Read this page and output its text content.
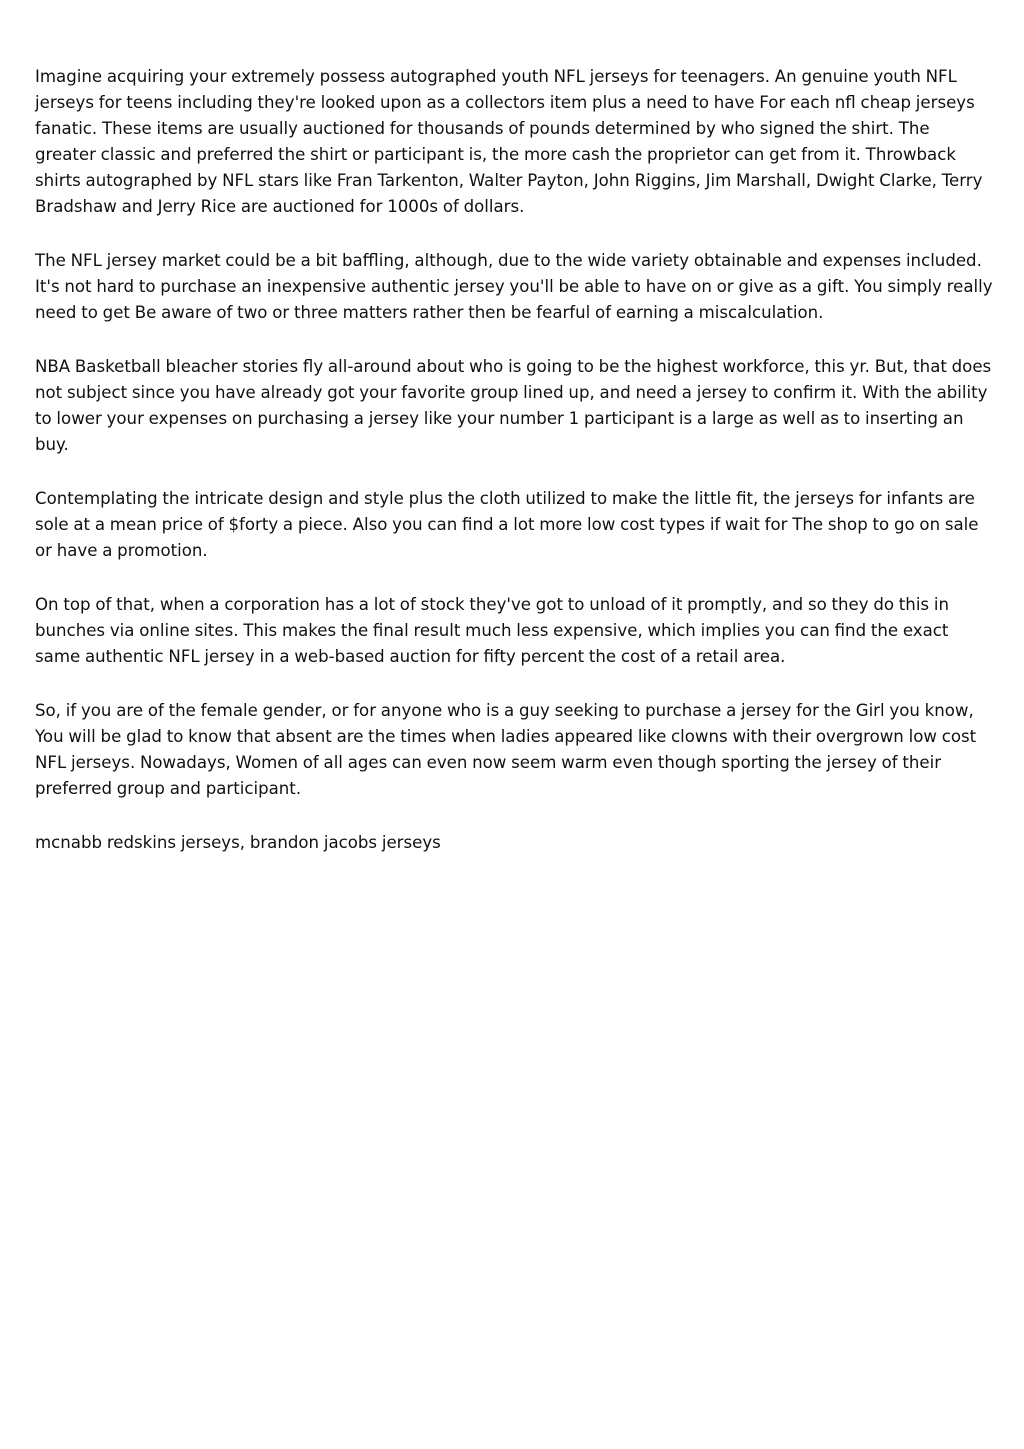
Imagine acquiring your extremely possess autographed youth NFL jerseys for teenagers. An genuine youth NFL jerseys for teens including they're looked upon as a collectors item plus a need to have For each nfl cheap jerseys fanatic. These items are usually auctioned for thousands of pounds determined by who signed the shirt. The greater classic and preferred the shirt or participant is, the more cash the proprietor can get from it. Throwback shirts autographed by NFL stars like Fran Tarkenton, Walter Payton, John Riggins, Jim Marshall, Dwight Clarke, Terry Bradshaw and Jerry Rice are auctioned for 1000s of dollars.

The NFL jersey market could be a bit baffling, although, due to the wide variety obtainable and expenses included. It's not hard to purchase an inexpensive authentic jersey you'll be able to have on or give as a gift. You simply really need to get Be aware of two or three matters rather then be fearful of earning a miscalculation.

NBA Basketball bleacher stories fly all-around about who is going to be the highest workforce, this yr. But, that does not subject since you have already got your favorite group lined up, and need a jersey to confirm it. With the ability to lower your expenses on purchasing a jersey like your number 1 participant is a large as well as to inserting an buy.

Contemplating the intricate design and style plus the cloth utilized to make the little fit, the jerseys for infants are sole at a mean price of $forty a piece. Also you can find a lot more low cost types if wait for The shop to go on sale or have a promotion.

On top of that, when a corporation has a lot of stock they've got to unload of it promptly, and so they do this in bunches via online sites. This makes the final result much less expensive, which implies you can find the exact same authentic NFL jersey in a web-based auction for fifty percent the cost of a retail area.

So, if you are of the female gender, or for anyone who is a guy seeking to purchase a jersey for the Girl you know, You will be glad to know that absent are the times when ladies appeared like clowns with their overgrown low cost NFL jerseys. Nowadays, Women of all ages can even now seem warm even though sporting the jersey of their preferred group and participant.

mcnabb redskins jerseys, brandon jacobs jerseys
